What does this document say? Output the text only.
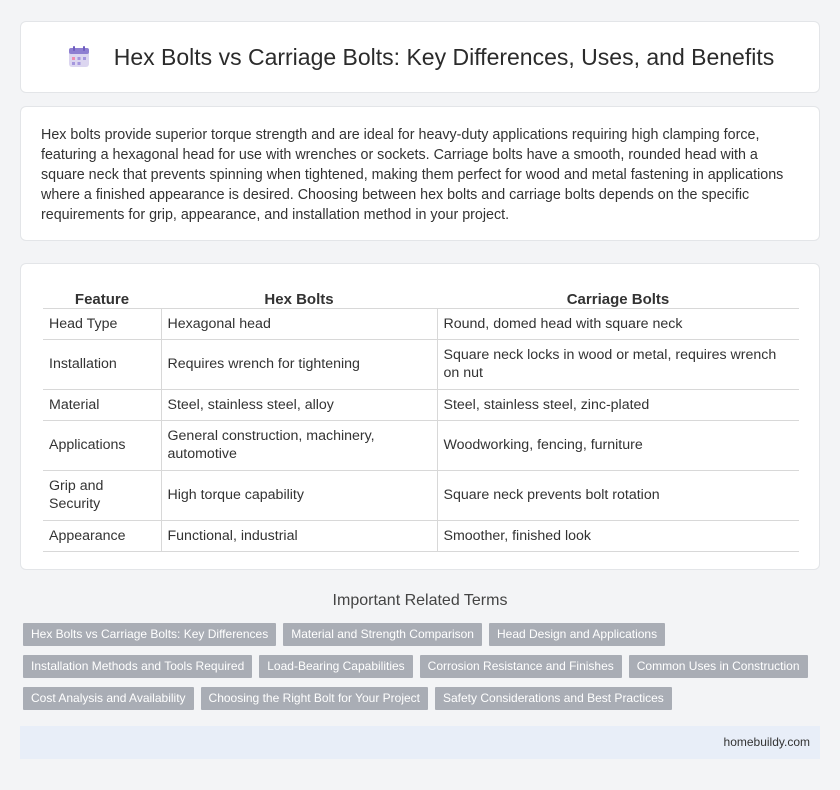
Hex Bolts vs Carriage Bolts: Key Differences, Uses, and Benefits

Hex bolts provide superior torque strength and are ideal for heavy-duty applications requiring high clamping force, featuring a hexagonal head for use with wrenches or sockets. Carriage bolts have a smooth, rounded head with a square neck that prevents spinning when tightened, making them perfect for wood and metal fastening in applications where a finished appearance is desired. Choosing between hex bolts and carriage bolts depends on the specific requirements for grip, appearance, and installation method in your project.

Feature	Hex Bolts	Carriage Bolts
Head Type	Hexagonal head	Round, domed head with square neck
Installation	Requires wrench for tightening	Square neck locks in wood or metal, requires wrench on nut
Material	Steel, stainless steel, alloy	Steel, stainless steel, zinc-plated
Applications	General construction, machinery, automotive	Woodworking, fencing, furniture
Grip and Security	High torque capability	Square neck prevents bolt rotation
Appearance	Functional, industrial	Smoother, finished look
Important Related Terms
Hex Bolts vs Carriage Bolts: Key Differences	Material and Strength Comparison	Head Design and Applications
Installation Methods and Tools Required	Load-Bearing Capabilities	Corrosion Resistance and Finishes	Common Uses in Construction
Cost Analysis and Availability	Choosing the Right Bolt for Your Project	Safety Considerations and Best Practices
homebuildy.com
